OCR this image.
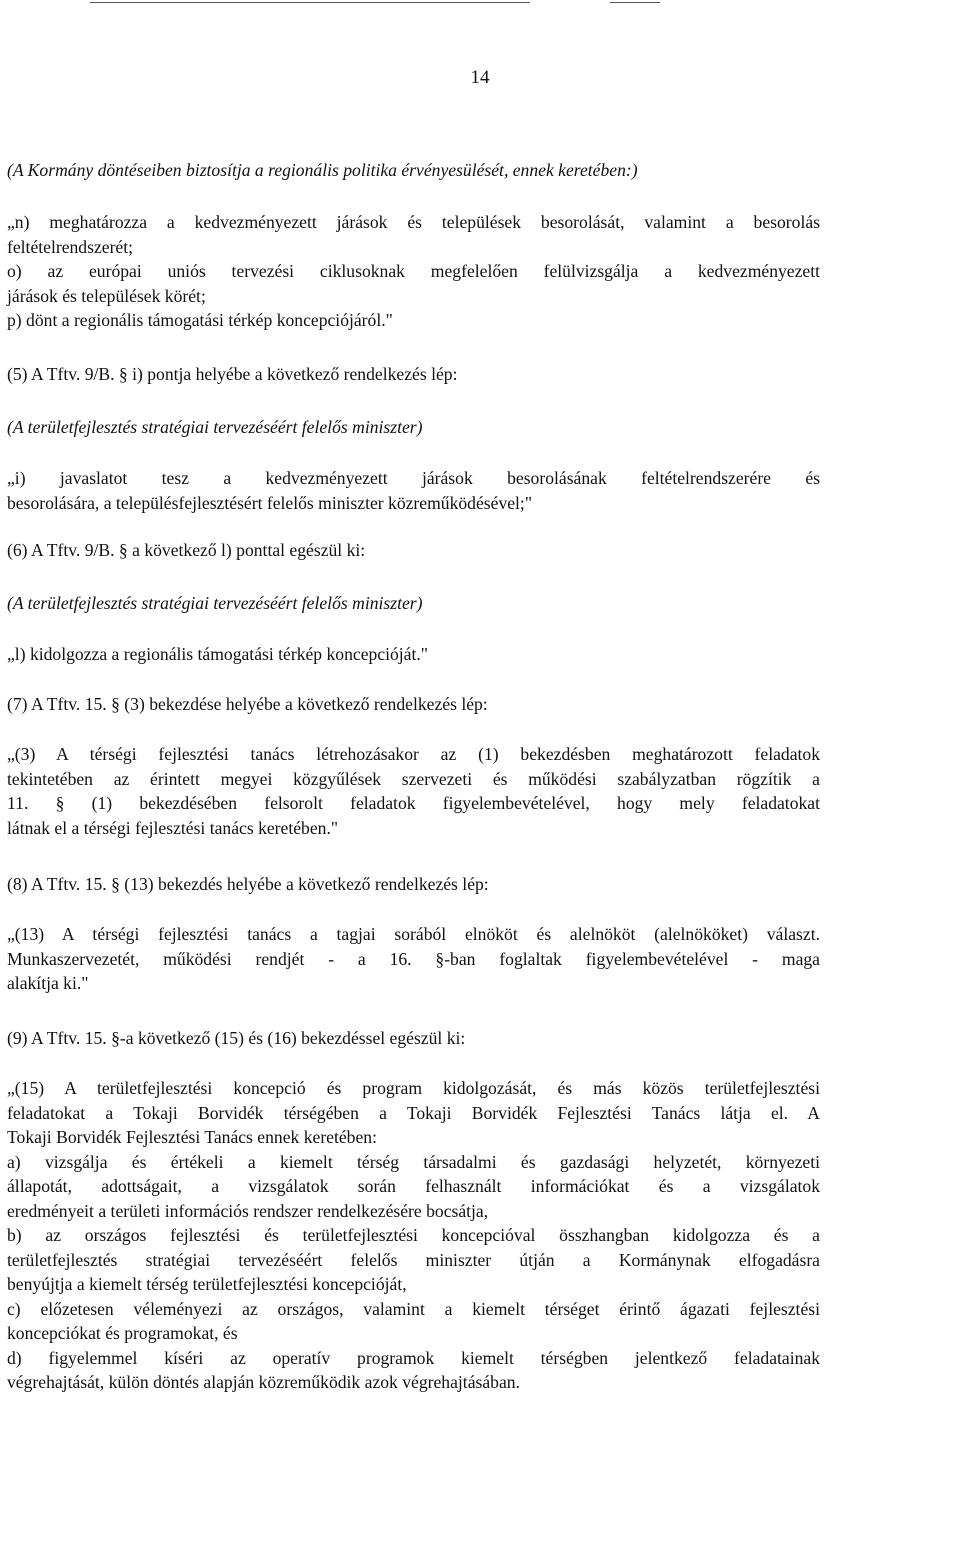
14

(A Kormány döntéseiben biztosítja a regionális politika érvényesülését, ennek keretében:)

„n) meghatározza a kedvezményezett járások és települések besorolását, valamint a besorolás

feltételrendszerét;

o) az európai uniós tervezési ciklusoknak megfelelően felülvizsgálja a kedvezményezett

járások és települések körét;

p) dönt a regionális támogatási térkép koncepciójáról."

(5) A Tftv. 9/B. § i) pontja helyébe a következő rendelkezés lép:

(A területfejlesztés stratégiai tervezéséért felelős miniszter)

„i) javaslatot tesz a kedvezményezett járások besorolásának feltételrendszerére és

besorolására, a településfejlesztésért felelős miniszter közreműködésével;"

(6) A Tftv. 9/B. § a következő l) ponttal egészül ki:

(A területfejlesztés stratégiai tervezéséért felelős miniszter)

„l) kidolgozza a regionális támogatási térkép koncepcióját."

(7) A Tftv. 15. § (3) bekezdése helyébe a következő rendelkezés lép:

„(3) A térségi fejlesztési tanács létrehozásakor az (1) bekezdésben meghatározott feladatok

tekintetében az érintett megyei közgyűlések szervezeti és működési szabályzatban rögzítik a

11. § (1) bekezdésében felsorolt feladatok figyelembevételével, hogy mely feladatokat

látnak el a térségi fejlesztési tanács keretében."

(8) A Tftv. 15. § (13) bekezdés helyébe a következő rendelkezés lép:

„(13) A térségi fejlesztési tanács a tagjai sorából elnököt és alelnököt (alelnököket) választ.

Munkaszervezetét, működési rendjét - a 16. §-ban foglaltak figyelembevételével - maga

alakítja ki."

(9) A Tftv. 15. §-a következő (15) és (16) bekezdéssel egészül ki:

„(15) A területfejlesztési koncepció és program kidolgozását, és más közös területfejlesztési

feladatokat a Tokaji Borvidék térségében a Tokaji Borvidék Fejlesztési Tanács látja el. A

Tokaji Borvidék Fejlesztési Tanács ennek keretében:

a) vizsgálja és értékeli a kiemelt térség társadalmi és gazdasági helyzetét, környezeti

állapotát, adottságait, a vizsgálatok során felhasznált információkat és a vizsgálatok

eredményeit a területi információs rendszer rendelkezésére bocsátja,

b) az országos fejlesztési és területfejlesztési koncepcióval összhangban kidolgozza és a

területfejlesztés stratégiai tervezéséért felelős miniszter útján a Kormánynak elfogadásra

benyújtja a kiemelt térség területfejlesztési koncepcióját,

c) előzetesen véleményezi az országos, valamint a kiemelt térséget érintő ágazati fejlesztési

koncepciókat és programokat, és

d) figyelemmel kíséri az operatív programok kiemelt térségben jelentkező feladatainak

végrehajtását, külön döntés alapján közreműködik azok végrehajtásában.
